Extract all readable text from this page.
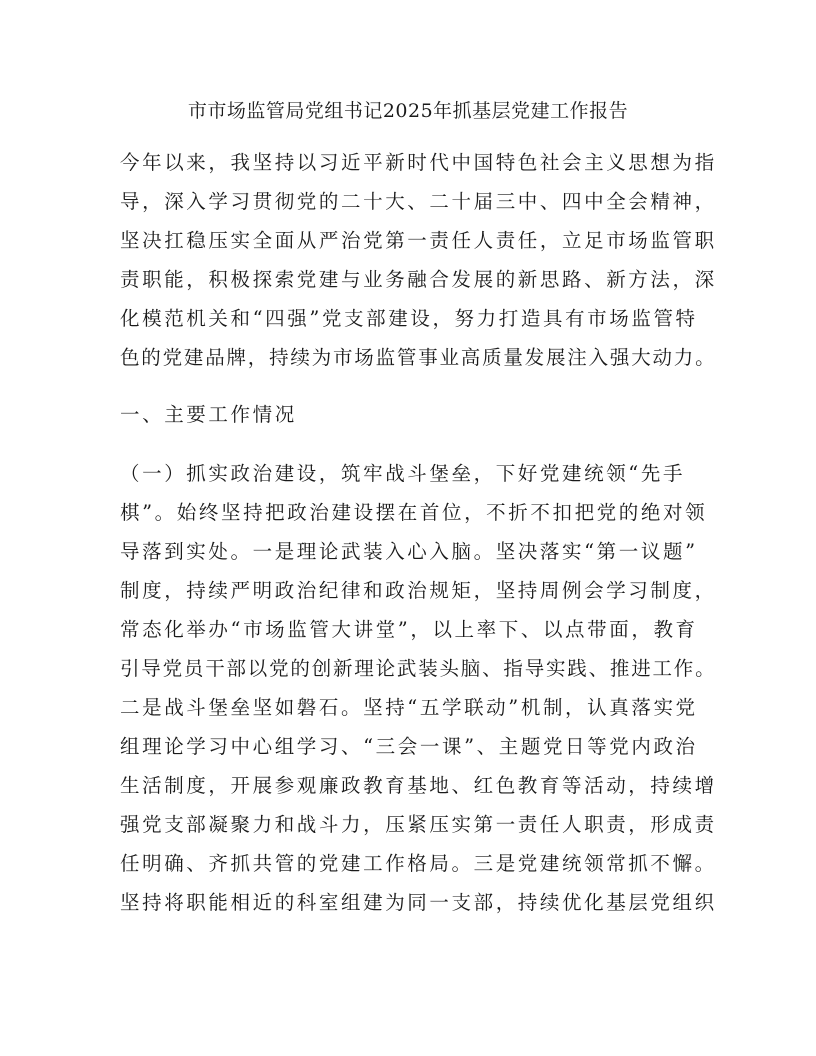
市市场监管局党组书记2025年抓基层党建工作报告

今年以来，我坚持以习近平新时代中国特色社会主义思想为指

导，深入学习贯彻党的二十大、二十届三中、四中全会精神，

坚决扛稳压实全面从严治党第一责任人责任，立足市场监管职

责职能，积极探索党建与业务融合发展的新思路、新方法，深

化模范机关和“四强”党支部建设，努力打造具有市场监管特

色的党建品牌，持续为市场监管事业高质量发展注入强大动力。

一、主要工作情况

（一）抓实政治建设，筑牢战斗堡垒，下好党建统领“先手

棋”。始终坚持把政治建设摆在首位，不折不扣把党的绝对领

导落到实处。一是理论武装入心入脑。坚决落实“第一议题”

制度，持续严明政治纪律和政治规矩，坚持周例会学习制度，

常态化举办“市场监管大讲堂”，以上率下、以点带面，教育

引导党员干部以党的创新理论武装头脑、指导实践、推进工作。

二是战斗堡垒坚如磐石。坚持“五学联动”机制，认真落实党

组理论学习中心组学习、“三会一课”、主题党日等党内政治

生活制度，开展参观廉政教育基地、红色教育等活动，持续增

强党支部凝聚力和战斗力，压紧压实第一责任人职责，形成责

任明确、齐抓共管的党建工作格局。三是党建统领常抓不懈。

坚持将职能相近的科室组建为同一支部，持续优化基层党组织
